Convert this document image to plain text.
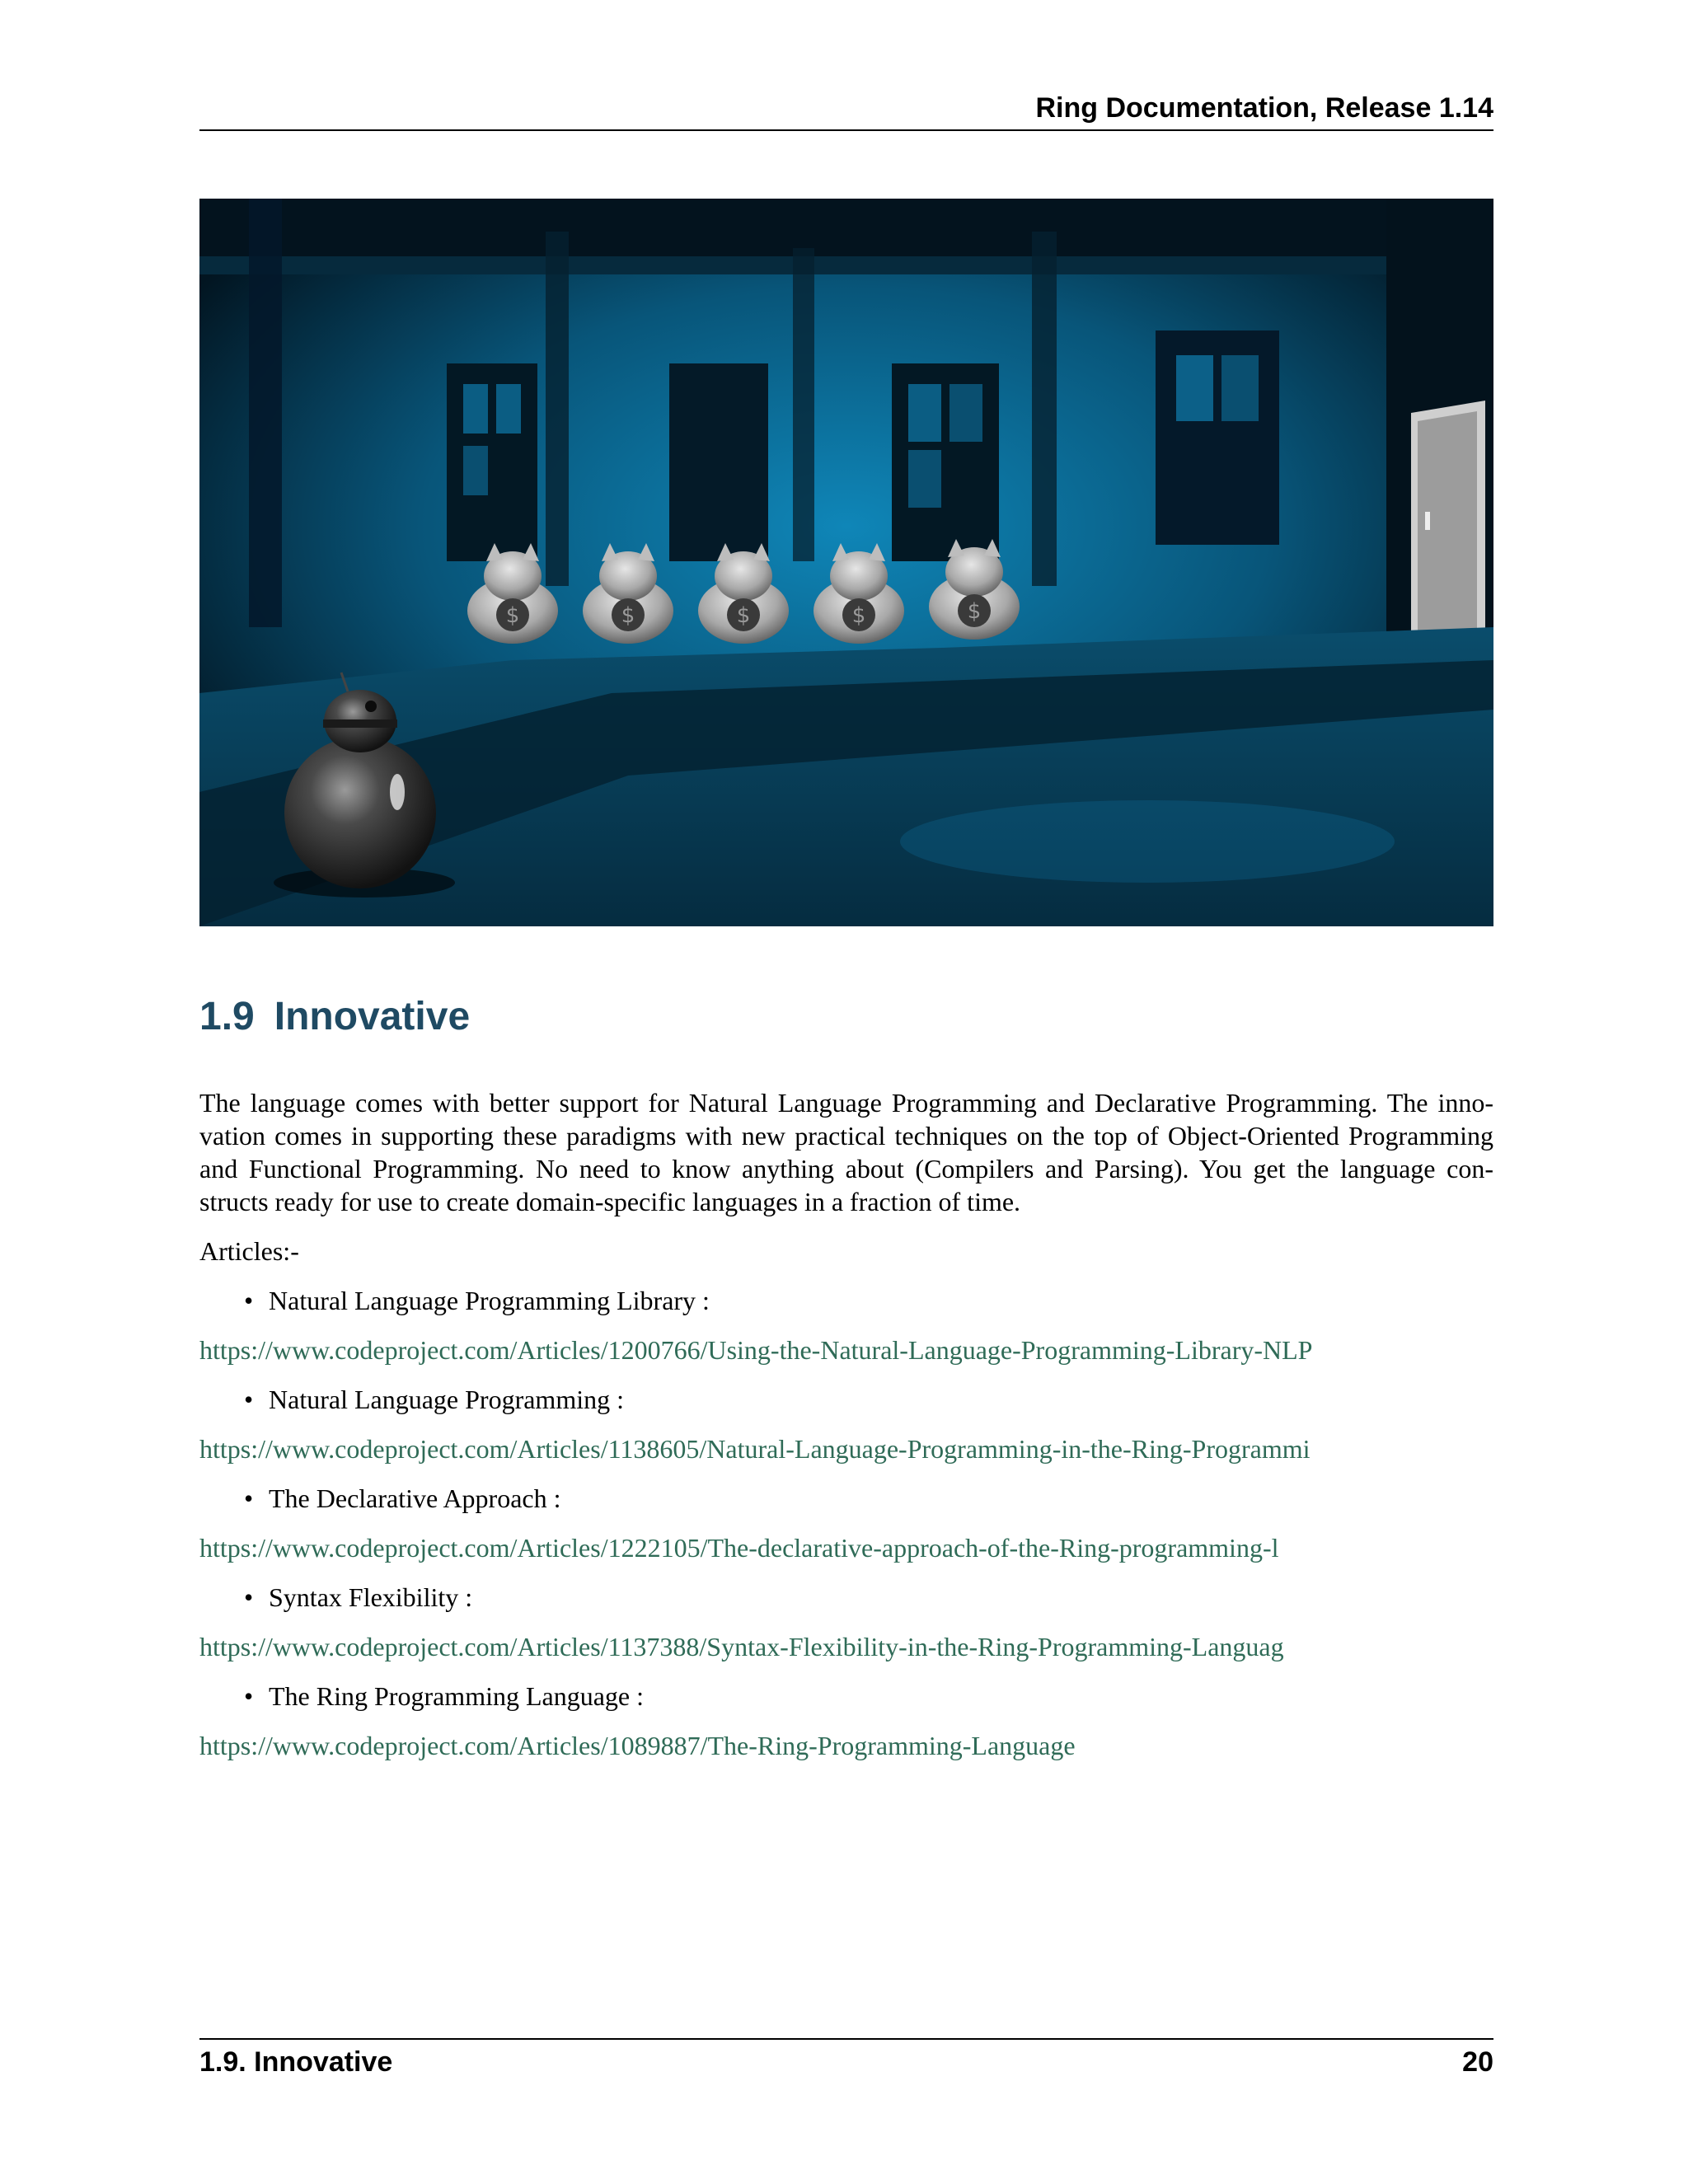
Ring Documentation, Release 1.14
$	$	$	$	$
1.9 Innovative
The language comes with better support for Natural Language Programming and Declarative Programming. The inno-
vation comes in supporting these paradigms with new practical techniques on the top of Object-Oriented Programming
and Functional Programming. No need to know anything about (Compilers and Parsing). You get the language con-
structs ready for use to create domain-specific languages in a fraction of time.
Articles:-
• Natural Language Programming Library :
https://www.codeproject.com/Articles/1200766/Using-the-Natural-Language-Programming-Library-NLP
• Natural Language Programming :
https://www.codeproject.com/Articles/1138605/Natural-Language-Programming-in-the-Ring-Programmi
• The Declarative Approach :
https://www.codeproject.com/Articles/1222105/The-declarative-approach-of-the-Ring-programming-l
• Syntax Flexibility :
https://www.codeproject.com/Articles/1137388/Syntax-Flexibility-in-the-Ring-Programming-Languag
• The Ring Programming Language :
https://www.codeproject.com/Articles/1089887/The-Ring-Programming-Language
1.9. Innovative	20
